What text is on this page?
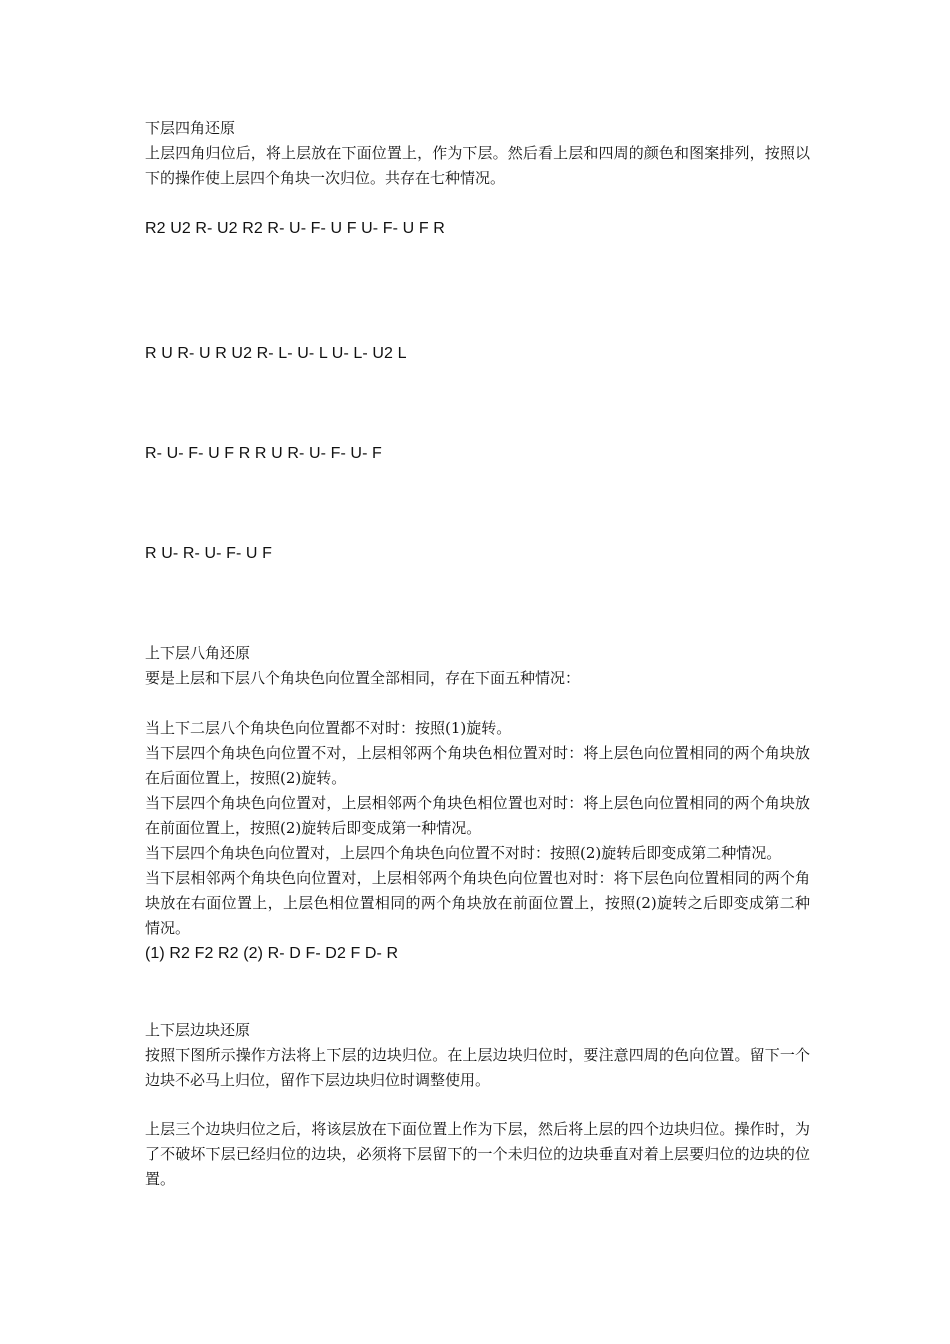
下层四角还原

上层四角归位后，将上层放在下面位置上，作为下层。然后看上层和四周的颜色和图案排列，按照以下的操作使上层四个角块一次归位。共存在七种情况。

R2 U2 R- U2 R2 R- U- F- U F U- F- U F R

R U R- U R U2 R- L- U- L U- L- U2 L

R- U- F- U F R R U R- U- F- U- F

R U- R- U- F- U F

上下层八角还原

要是上层和下层八个角块色向位置全部相同，存在下面五种情况：

当上下二层八个角块色向位置都不对时：按照(1)旋转。

当下层四个角块色向位置不对，上层相邻两个角块色相位置对时：将上层色向位置相同的两个角块放在后面位置上，按照(2)旋转。

当下层四个角块色向位置对，上层相邻两个角块色相位置也对时：将上层色向位置相同的两个角块放在前面位置上，按照(2)旋转后即变成第一种情况。

当下层四个角块色向位置对，上层四个角块色向位置不对时：按照(2)旋转后即变成第二种情况。

当下层相邻两个角块色向位置对，上层相邻两个角块色向位置也对时：将下层色向位置相同的两个角块放在右面位置上，上层色相位置相同的两个角块放在前面位置上，按照(2)旋转之后即变成第二种情况。

(1) R2 F2 R2 (2) R- D F- D2 F D- R

上下层边块还原

按照下图所示操作方法将上下层的边块归位。在上层边块归位时，要注意四周的色向位置。留下一个边块不必马上归位，留作下层边块归位时调整使用。

上层三个边块归位之后，将该层放在下面位置上作为下层，然后将上层的四个边块归位。操作时，为了不破坏下层已经归位的边块，必须将下层留下的一个未归位的边块垂直对着上层要归位的边块的位置。
